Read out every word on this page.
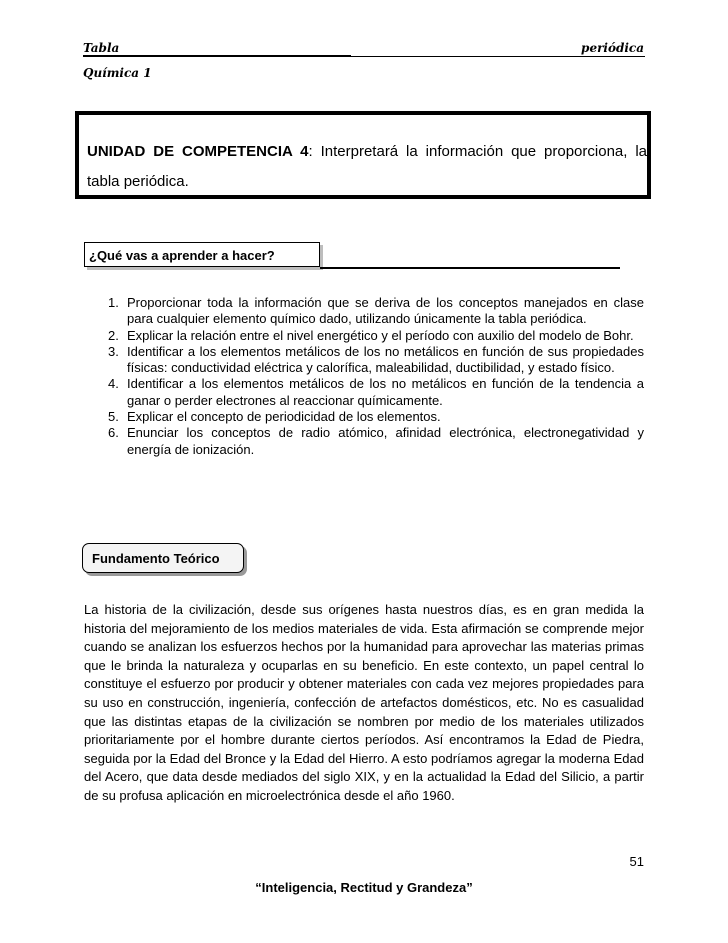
Tabla	periódica
Química 1
UNIDAD DE COMPETENCIA 4: Interpretará la información que proporciona, la tabla periódica.
¿Qué vas a aprender a hacer?
1. Proporcionar toda la información que se deriva de los conceptos manejados en clase para cualquier elemento químico dado, utilizando únicamente la tabla periódica.
2. Explicar la relación entre el nivel energético y el período con auxilio del modelo de Bohr.
3. Identificar a los elementos metálicos de los no metálicos en función de sus propiedades físicas: conductividad eléctrica y calorífica, maleabilidad, ductibilidad, y estado físico.
4. Identificar a los elementos metálicos de los no metálicos en función de la tendencia a ganar o perder electrones al reaccionar químicamente.
5. Explicar el concepto de periodicidad de los elementos.
6. Enunciar los conceptos de radio atómico, afinidad electrónica, electronegatividad y energía de ionización.
Fundamento Teórico

La historia de la civilización, desde sus orígenes hasta nuestros días, es en gran medida la historia del mejoramiento de los medios materiales de vida. Esta afirmación se comprende mejor cuando se analizan los esfuerzos hechos por la humanidad para aprovechar las materias primas que le brinda la naturaleza y ocuparlas en su beneficio. En este contexto, un papel central lo constituye el esfuerzo por producir y obtener materiales con cada vez mejores propiedades para su uso en construcción, ingeniería, confección de artefactos domésticos, etc. No es casualidad que las distintas etapas de la civilización se nombren por medio de los materiales utilizados prioritariamente por el hombre durante ciertos períodos. Así encontramos la Edad de Piedra, seguida por la Edad del Bronce y la Edad del Hierro. A esto podríamos agregar la moderna Edad del Acero, que data desde mediados del siglo XIX, y en la actualidad la Edad del Silicio, a partir de su profusa aplicación en microelectrónica desde el año 1960.

51
“Inteligencia, Rectitud y Grandeza”
